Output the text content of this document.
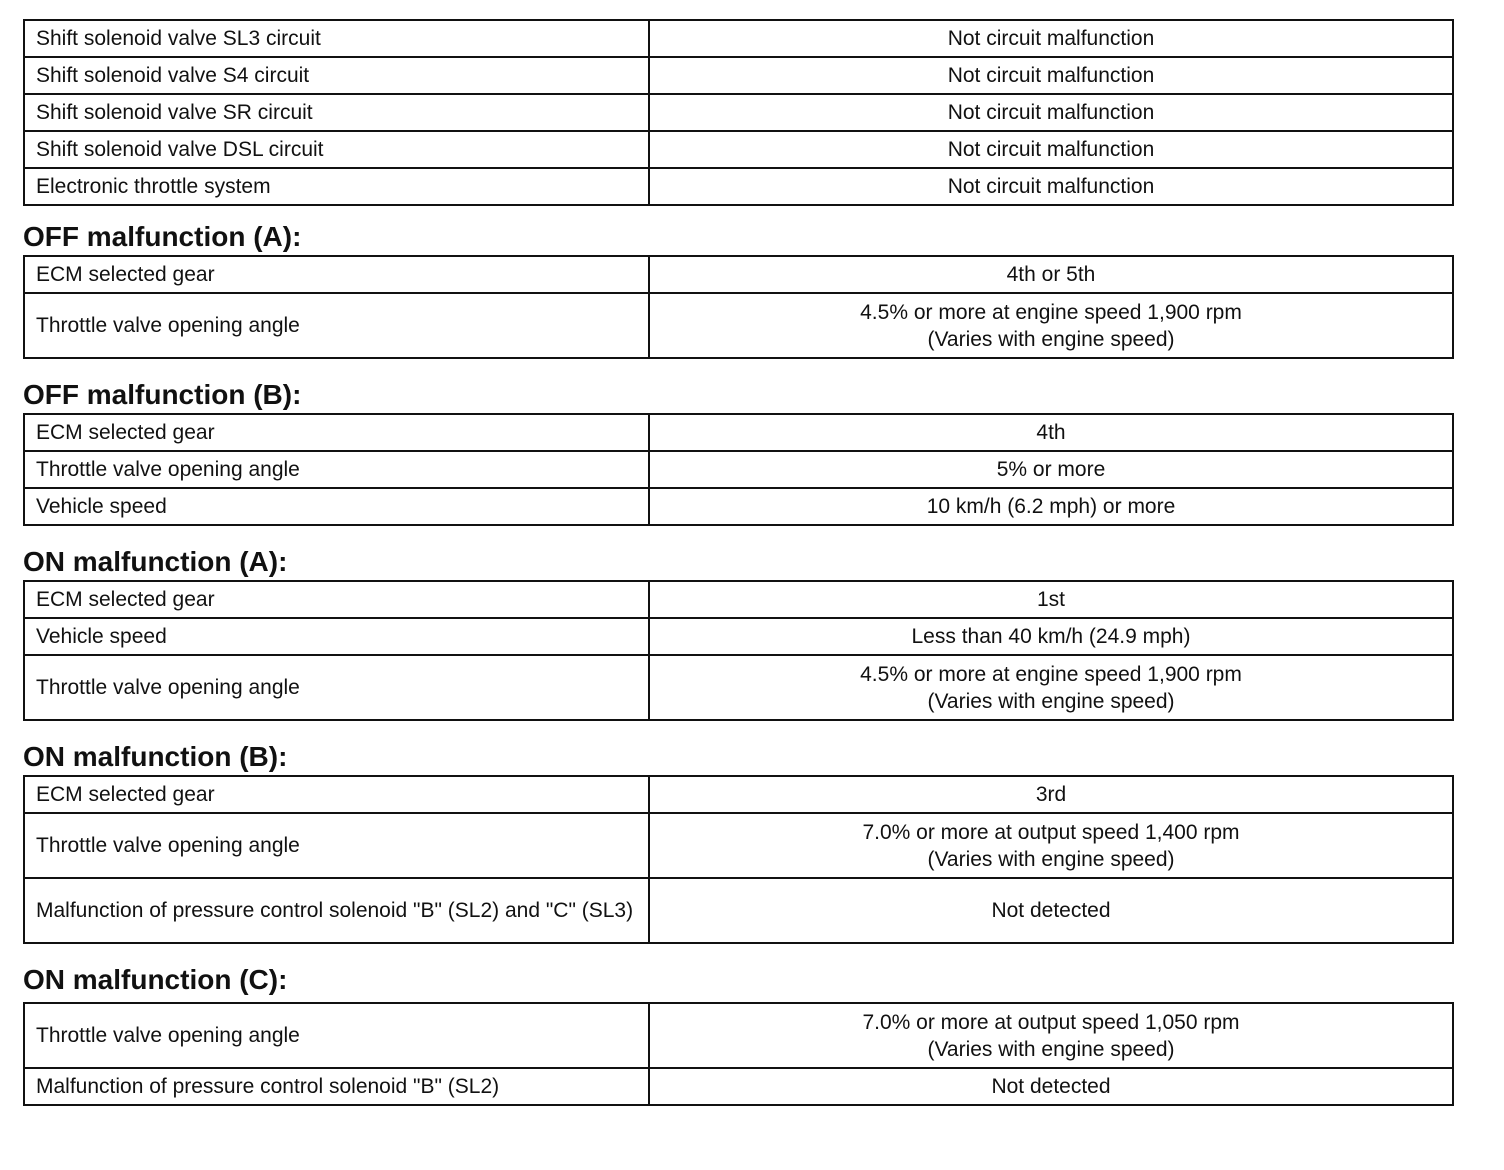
Shift solenoid valve SL3 circuit	Not circuit malfunction
Shift solenoid valve S4 circuit	Not circuit malfunction
Shift solenoid valve SR circuit	Not circuit malfunction
Shift solenoid valve DSL circuit	Not circuit malfunction
Electronic throttle system	Not circuit malfunction
OFF malfunction (A):
ECM selected gear	4th or 5th
Throttle valve opening angle	4.5% or more at engine speed 1,900 rpm
(Varies with engine speed)
OFF malfunction (B):
ECM selected gear	4th
Throttle valve opening angle	5% or more
Vehicle speed	10 km/h (6.2 mph) or more
ON malfunction (A):
ECM selected gear	1st
Vehicle speed	Less than 40 km/h (24.9 mph)
Throttle valve opening angle	4.5% or more at engine speed 1,900 rpm
(Varies with engine speed)
ON malfunction (B):
ECM selected gear	3rd
Throttle valve opening angle	7.0% or more at output speed 1,400 rpm
(Varies with engine speed)

Malfunction of pressure control solenoid "B" (SL2) and "C" (SL3)	Not detected
ON malfunction (C):
Throttle valve opening angle	7.0% or more at output speed 1,050 rpm
(Varies with engine speed)

Malfunction of pressure control solenoid "B" (SL2)	Not detected
